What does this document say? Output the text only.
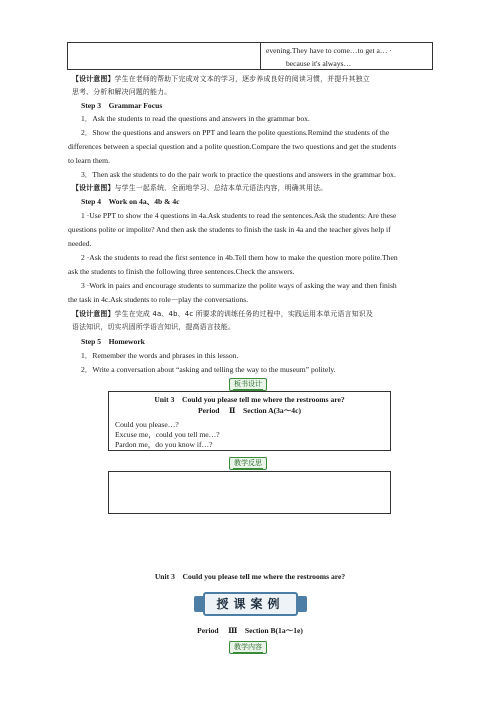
evening.They have to come…to get a… ·
because it's always…
【设计意图】学生在老师的帮助下完成对文本的学习，逐步养成良好的阅读习惯，并提升其独立
思考、分析和解决问题的能力。
Step 3 Grammar Focus
1．Ask the students to read the questions and answers in the grammar box.
2．Show the questions and answers on PPT and learn the polite questions.Remind the students of the
differences between a special question and a polite question.Compare the two questions and get the students
to learn them.
3．Then ask the students to do the pair work to practice the questions and answers in the grammar box.
【设计意图】与学生一起系统、全面地学习、总结本单元语法内容，明确其用法。
Step 4 Work on 4a、4b & 4c
1 ·Use PPT to show the 4 questions in 4a.Ask students to read the sentences.Ask the students: Are these
questions polite or impolite? And then ask the students to finish the task in 4a and the teacher gives help if
needed.
2 ·Ask the students to read the first sentence in 4b.Tell them how to make the question more polite.Then
ask the students to finish the following three sentences.Check the answers.
3 ·Work in pairs and encourage students to summarize the polite ways of asking the way and then finish
the task in 4c.Ask students to role－play the conversations.
【设计意图】学生在完成 4a、4b、4c 所要求的训练任务的过程中，实践运用本单元语言知识及
语法知识，切实巩固所学语言知识，提高语言技能。
Step 5 Homework
1．Remember the words and phrases in this lesson.
2．Write a conversation about “asking and telling the way to the museum” politely.
板书设计
Unit 3 Could you please tell me where the restrooms are?
Period  Ⅱ Section A(3a～4c)
Could you please…?
Excuse me，could you tell me…?
Pardon me，do you know if…?
教学反思
Unit 3 Could you please tell me where the restrooms are?
授课案例
Period  Ⅲ Section B(1a～1e)
教学内容
